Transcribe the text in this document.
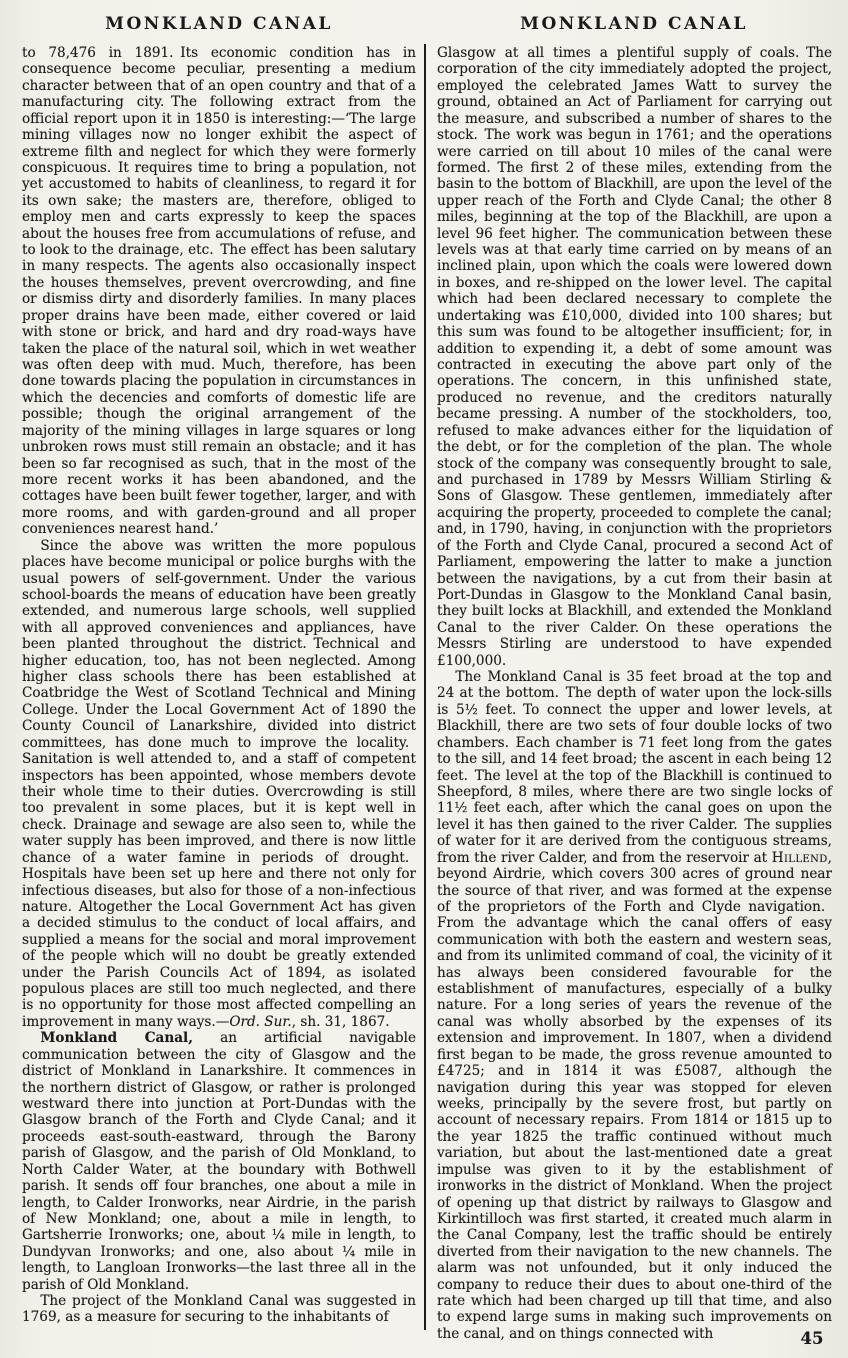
MONKLAND CANAL	MONKLAND CANAL

to 78,476 in 1891. Its economic condition has in consequence become peculiar, presenting a medium character between that of an open country and that of a manufacturing city. The following extract from the official report upon it in 1850 is interesting:—‘The large mining villages now no longer exhibit the aspect of extreme filth and neglect for which they were formerly conspicuous. It requires time to bring a population, not yet accustomed to habits of cleanliness, to regard it for its own sake; the masters are, therefore, obliged to employ men and carts expressly to keep the spaces about the houses free from accumulations of refuse, and to look to the drainage, etc. The effect has been salutary in many respects. The agents also occasionally inspect the houses themselves, prevent overcrowding, and fine or dismiss dirty and disorderly families. In many places proper drains have been made, either covered or laid with stone or brick, and hard and dry road-ways have taken the place of the natural soil, which in wet weather was often deep with mud. Much, therefore, has been done towards placing the population in circumstances in which the decencies and comforts of domestic life are possible; though the original arrangement of the majority of the mining villages in large squares or long unbroken rows must still remain an obstacle; and it has been so far recognised as such, that in the most of the more recent works it has been abandoned, and the cottages have been built fewer together, larger, and with more rooms, and with garden-ground and all proper conveniences nearest hand.’

Since the above was written the more populous places have become municipal or police burghs with the usual powers of self-government. Under the various school-boards the means of education have been greatly extended, and numerous large schools, well supplied with all approved conveniences and appliances, have been planted throughout the district. Technical and higher education, too, has not been neglected. Among higher class schools there has been established at Coatbridge the West of Scotland Technical and Mining College. Under the Local Government Act of 1890 the County Council of Lanarkshire, divided into district committees, has done much to improve the locality. Sanitation is well attended to, and a staff of competent inspectors has been appointed, whose members devote their whole time to their duties. Overcrowding is still too prevalent in some places, but it is kept well in check. Drainage and sewage are also seen to, while the water supply has been improved, and there is now little chance of a water famine in periods of drought. Hospitals have been set up here and there not only for infectious diseases, but also for those of a non-infectious nature. Altogether the Local Government Act has given a decided stimulus to the conduct of local affairs, and supplied a means for the social and moral improvement of the people which will no doubt be greatly extended under the Parish Councils Act of 1894, as isolated populous places are still too much neglected, and there is no opportunity for those most affected compelling an improvement in many ways.—Ord. Sur., sh. 31, 1867.

Monkland Canal, an artificial navigable communication between the city of Glasgow and the district of Monkland in Lanarkshire. It commences in the northern district of Glasgow, or rather is prolonged westward there into junction at Port-Dundas with the Glasgow branch of the Forth and Clyde Canal; and it proceeds east-south-eastward, through the Barony parish of Glasgow, and the parish of Old Monkland, to North Calder Water, at the boundary with Bothwell parish. It sends off four branches, one about a mile in length, to Calder Ironworks, near Airdrie, in the parish of New Monkland; one, about a mile in length, to Gartsherrie Ironworks; one, about ¼ mile in length, to Dundyvan Ironworks; and one, also about ¼ mile in length, to Langloan Ironworks—the last three all in the parish of Old Monkland.

The project of the Monkland Canal was suggested in 1769, as a measure for securing to the inhabitants of

Glasgow at all times a plentiful supply of coals. The corporation of the city immediately adopted the project, employed the celebrated James Watt to survey the ground, obtained an Act of Parliament for carrying out the measure, and subscribed a number of shares to the stock. The work was begun in 1761; and the operations were carried on till about 10 miles of the canal were formed. The first 2 of these miles, extending from the basin to the bottom of Blackhill, are upon the level of the upper reach of the Forth and Clyde Canal; the other 8 miles, beginning at the top of the Blackhill, are upon a level 96 feet higher. The communication between these levels was at that early time carried on by means of an inclined plain, upon which the coals were lowered down in boxes, and re-shipped on the lower level. The capital which had been declared necessary to complete the undertaking was £10,000, divided into 100 shares; but this sum was found to be altogether insufficient; for, in addition to expending it, a debt of some amount was contracted in executing the above part only of the operations. The concern, in this unfinished state, produced no revenue, and the creditors naturally became pressing. A number of the stockholders, too, refused to make advances either for the liquidation of the debt, or for the completion of the plan. The whole stock of the company was consequently brought to sale, and purchased in 1789 by Messrs William Stirling & Sons of Glasgow. These gentlemen, immediately after acquiring the property, proceeded to complete the canal; and, in 1790, having, in conjunction with the proprietors of the Forth and Clyde Canal, procured a second Act of Parliament, empowering the latter to make a junction between the navigations, by a cut from their basin at Port-Dundas in Glasgow to the Monkland Canal basin, they built locks at Blackhill, and extended the Monkland Canal to the river Calder. On these operations the Messrs Stirling are understood to have expended £100,000.

The Monkland Canal is 35 feet broad at the top and 24 at the bottom. The depth of water upon the lock-sills is 5½ feet. To connect the upper and lower levels, at Blackhill, there are two sets of four double locks of two chambers. Each chamber is 71 feet long from the gates to the sill, and 14 feet broad; the ascent in each being 12 feet. The level at the top of the Blackhill is continued to Sheepford, 8 miles, where there are two single locks of 11½ feet each, after which the canal goes on upon the level it has then gained to the river Calder. The supplies of water for it are derived from the contiguous streams, from the river Calder, and from the reservoir at Hillend, beyond Airdrie, which covers 300 acres of ground near the source of that river, and was formed at the expense of the proprietors of the Forth and Clyde navigation. From the advantage which the canal offers of easy communication with both the eastern and western seas, and from its unlimited command of coal, the vicinity of it has always been considered favourable for the establishment of manufactures, especially of a bulky nature. For a long series of years the revenue of the canal was wholly absorbed by the expenses of its extension and improvement. In 1807, when a dividend first began to be made, the gross revenue amounted to £4725; and in 1814 it was £5087, although the navigation during this year was stopped for eleven weeks, principally by the severe frost, but partly on account of necessary repairs. From 1814 or 1815 up to the year 1825 the traffic continued without much variation, but about the last-mentioned date a great impulse was given to it by the establishment of ironworks in the district of Monkland. When the project of opening up that district by railways to Glasgow and Kirkintilloch was first started, it created much alarm in the Canal Company, lest the traffic should be entirely diverted from their navigation to the new channels. The alarm was not unfounded, but it only induced the company to reduce their dues to about one-third of the rate which had been charged up till that time, and also to expend large sums in making such improvements on the canal, and on things connected with	45
